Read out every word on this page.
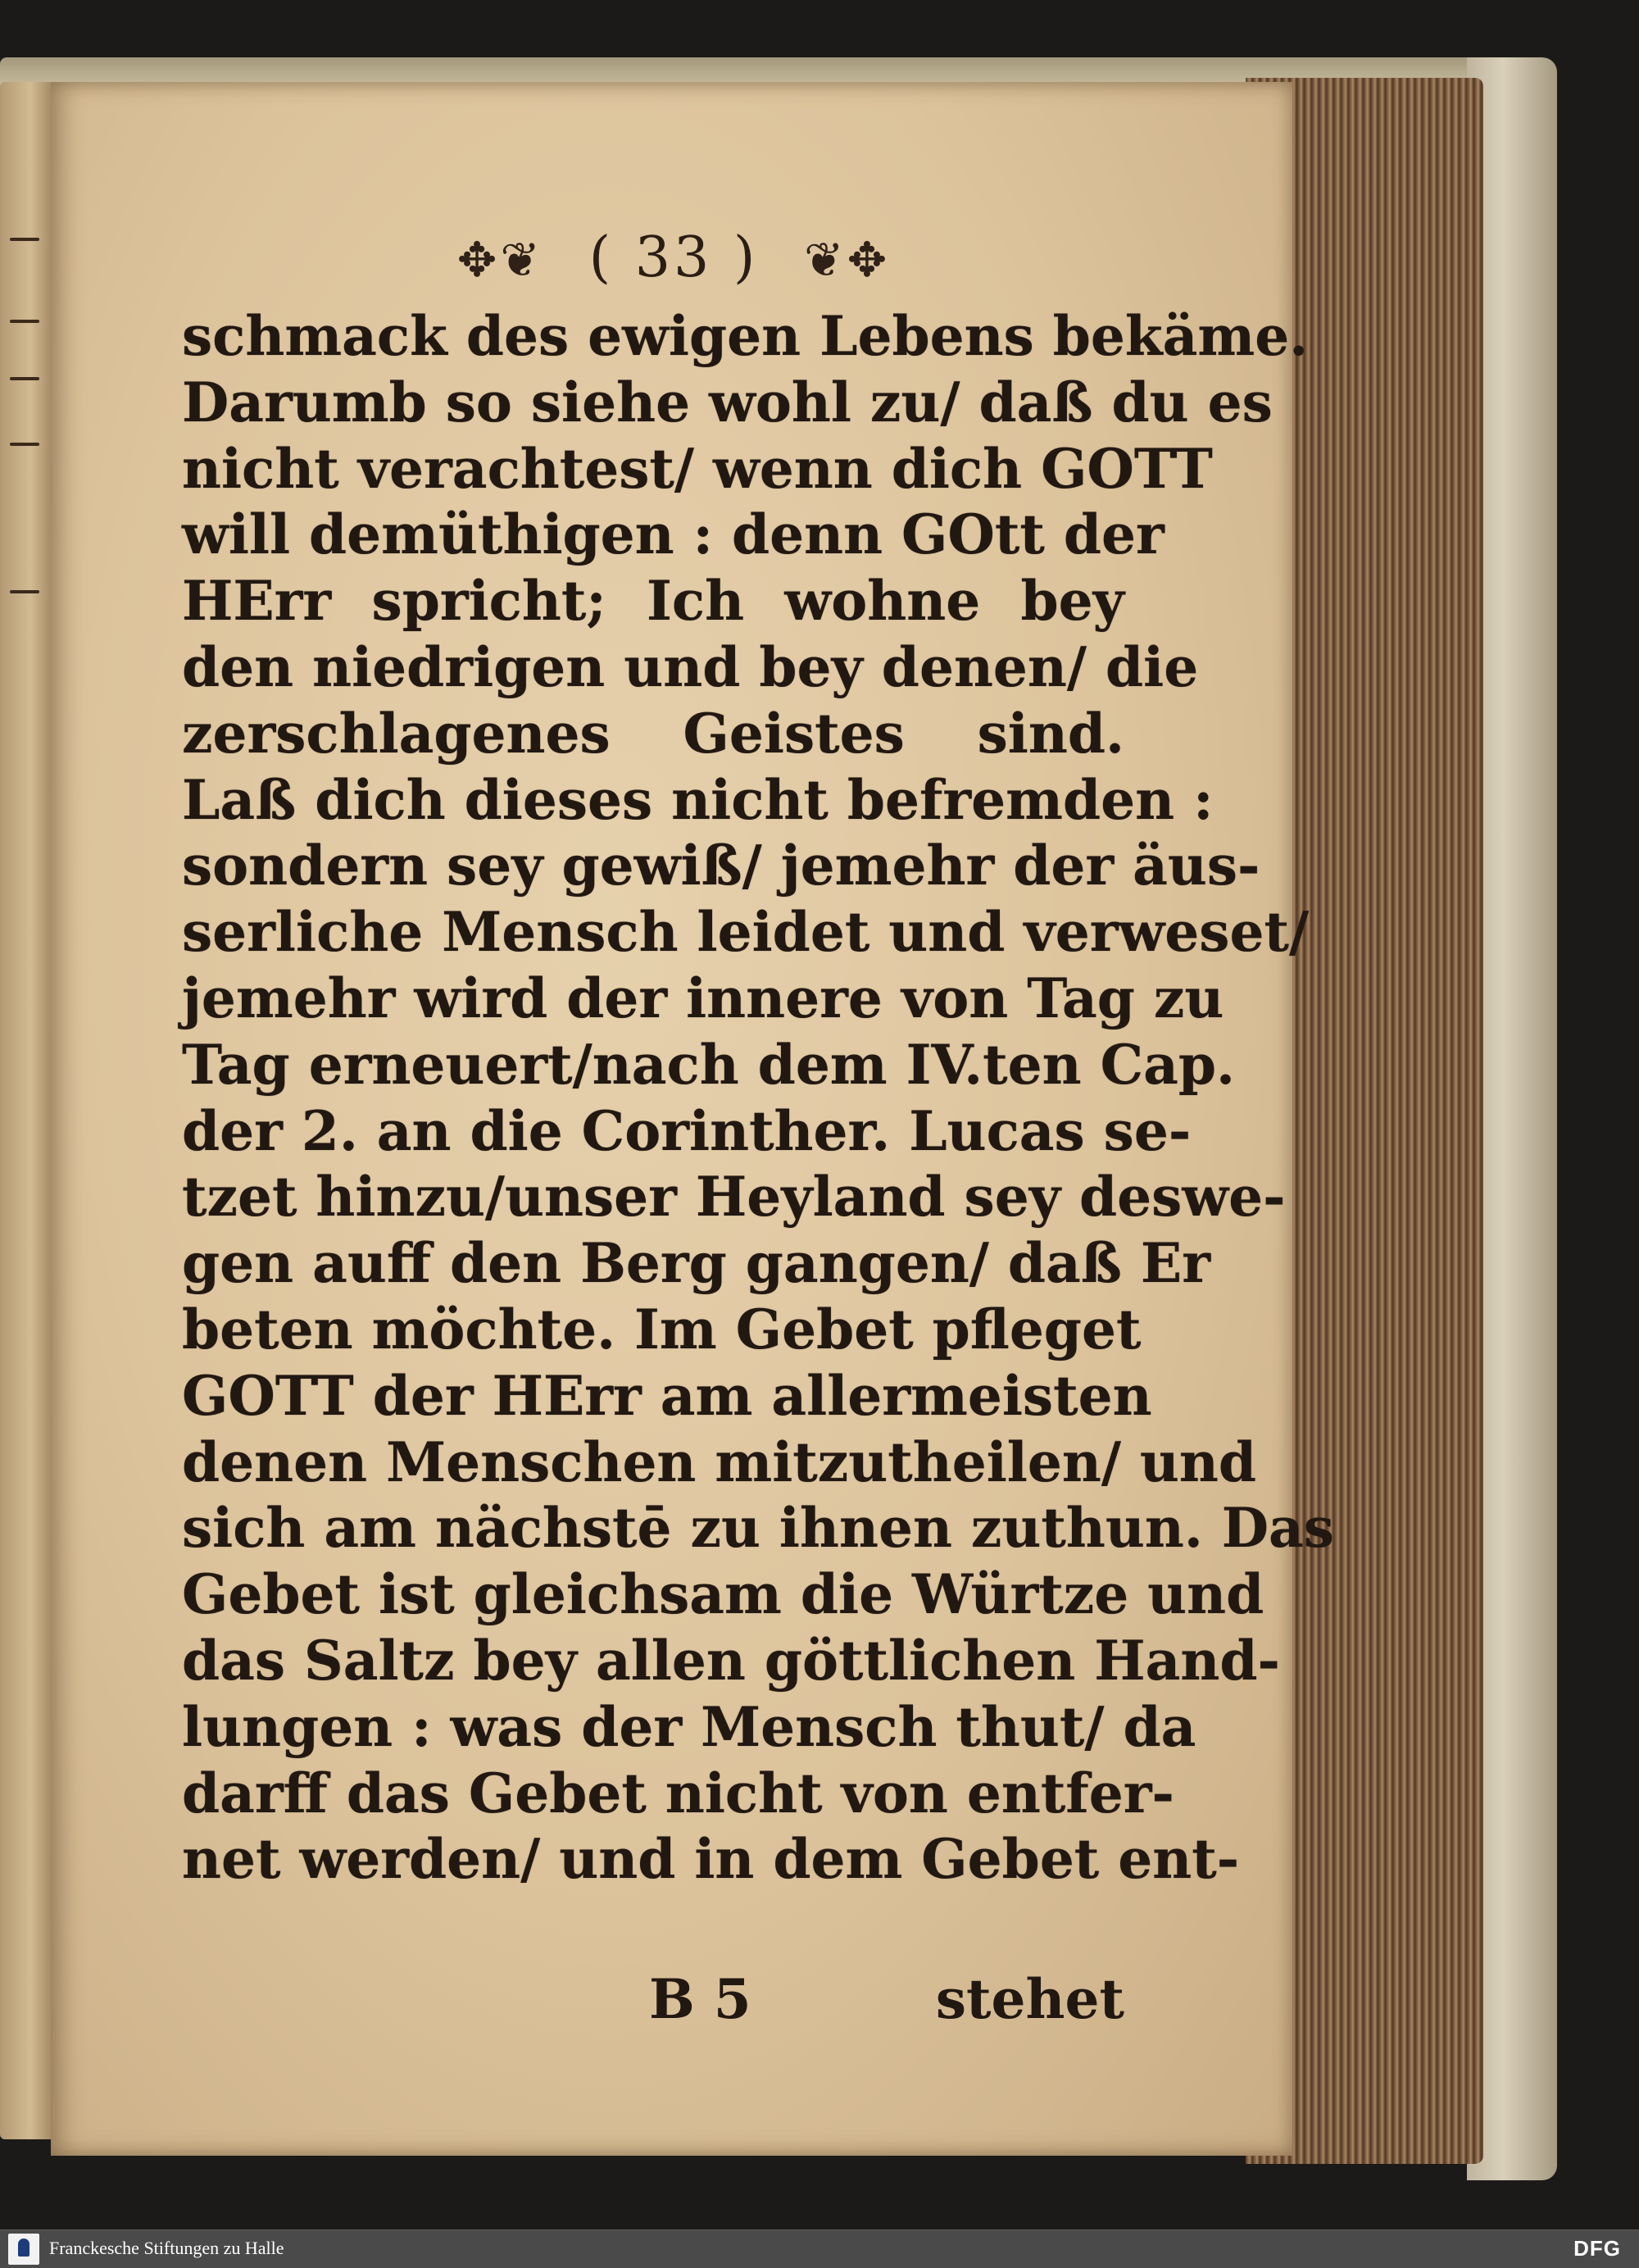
✥❦ ( 33 ) ❦✥
schmack des ewigen Lebens bekäme.
Darumb so siehe wohl zu/ daß du es
nicht verachtest/ wenn dich GOTT
will demüthigen : denn GOtt der
HErr spricht; Ich wohne bey
den niedrigen und bey denen/ die
zerschlagenes Geistes sind.
Laß dich dieses nicht befremden :
sondern sey gewiß/ jemehr der äus-
serliche Mensch leidet und verweset/
jemehr wird der innere von Tag zu
Tag erneuert/nach dem IV.ten Cap.
der 2. an die Corinther. Lucas se-
tzet hinzu/unser Heyland sey deswe-
gen auff den Berg gangen/ daß Er
beten möchte. Im Gebet pfleget
GOTT der HErr am allermeisten
denen Menschen mitzutheilen/ und
sich am nächstē zu ihnen zuthun. Das
Gebet ist gleichsam die Würtze und
das Saltz bey allen göttlichen Hand-
lungen : was der Mensch thut/ da
darff das Gebet nicht von entfer-
net werden/ und in dem Gebet ent-
B 5	stehet
Franckesche Stiftungen zu Halle	DFG
